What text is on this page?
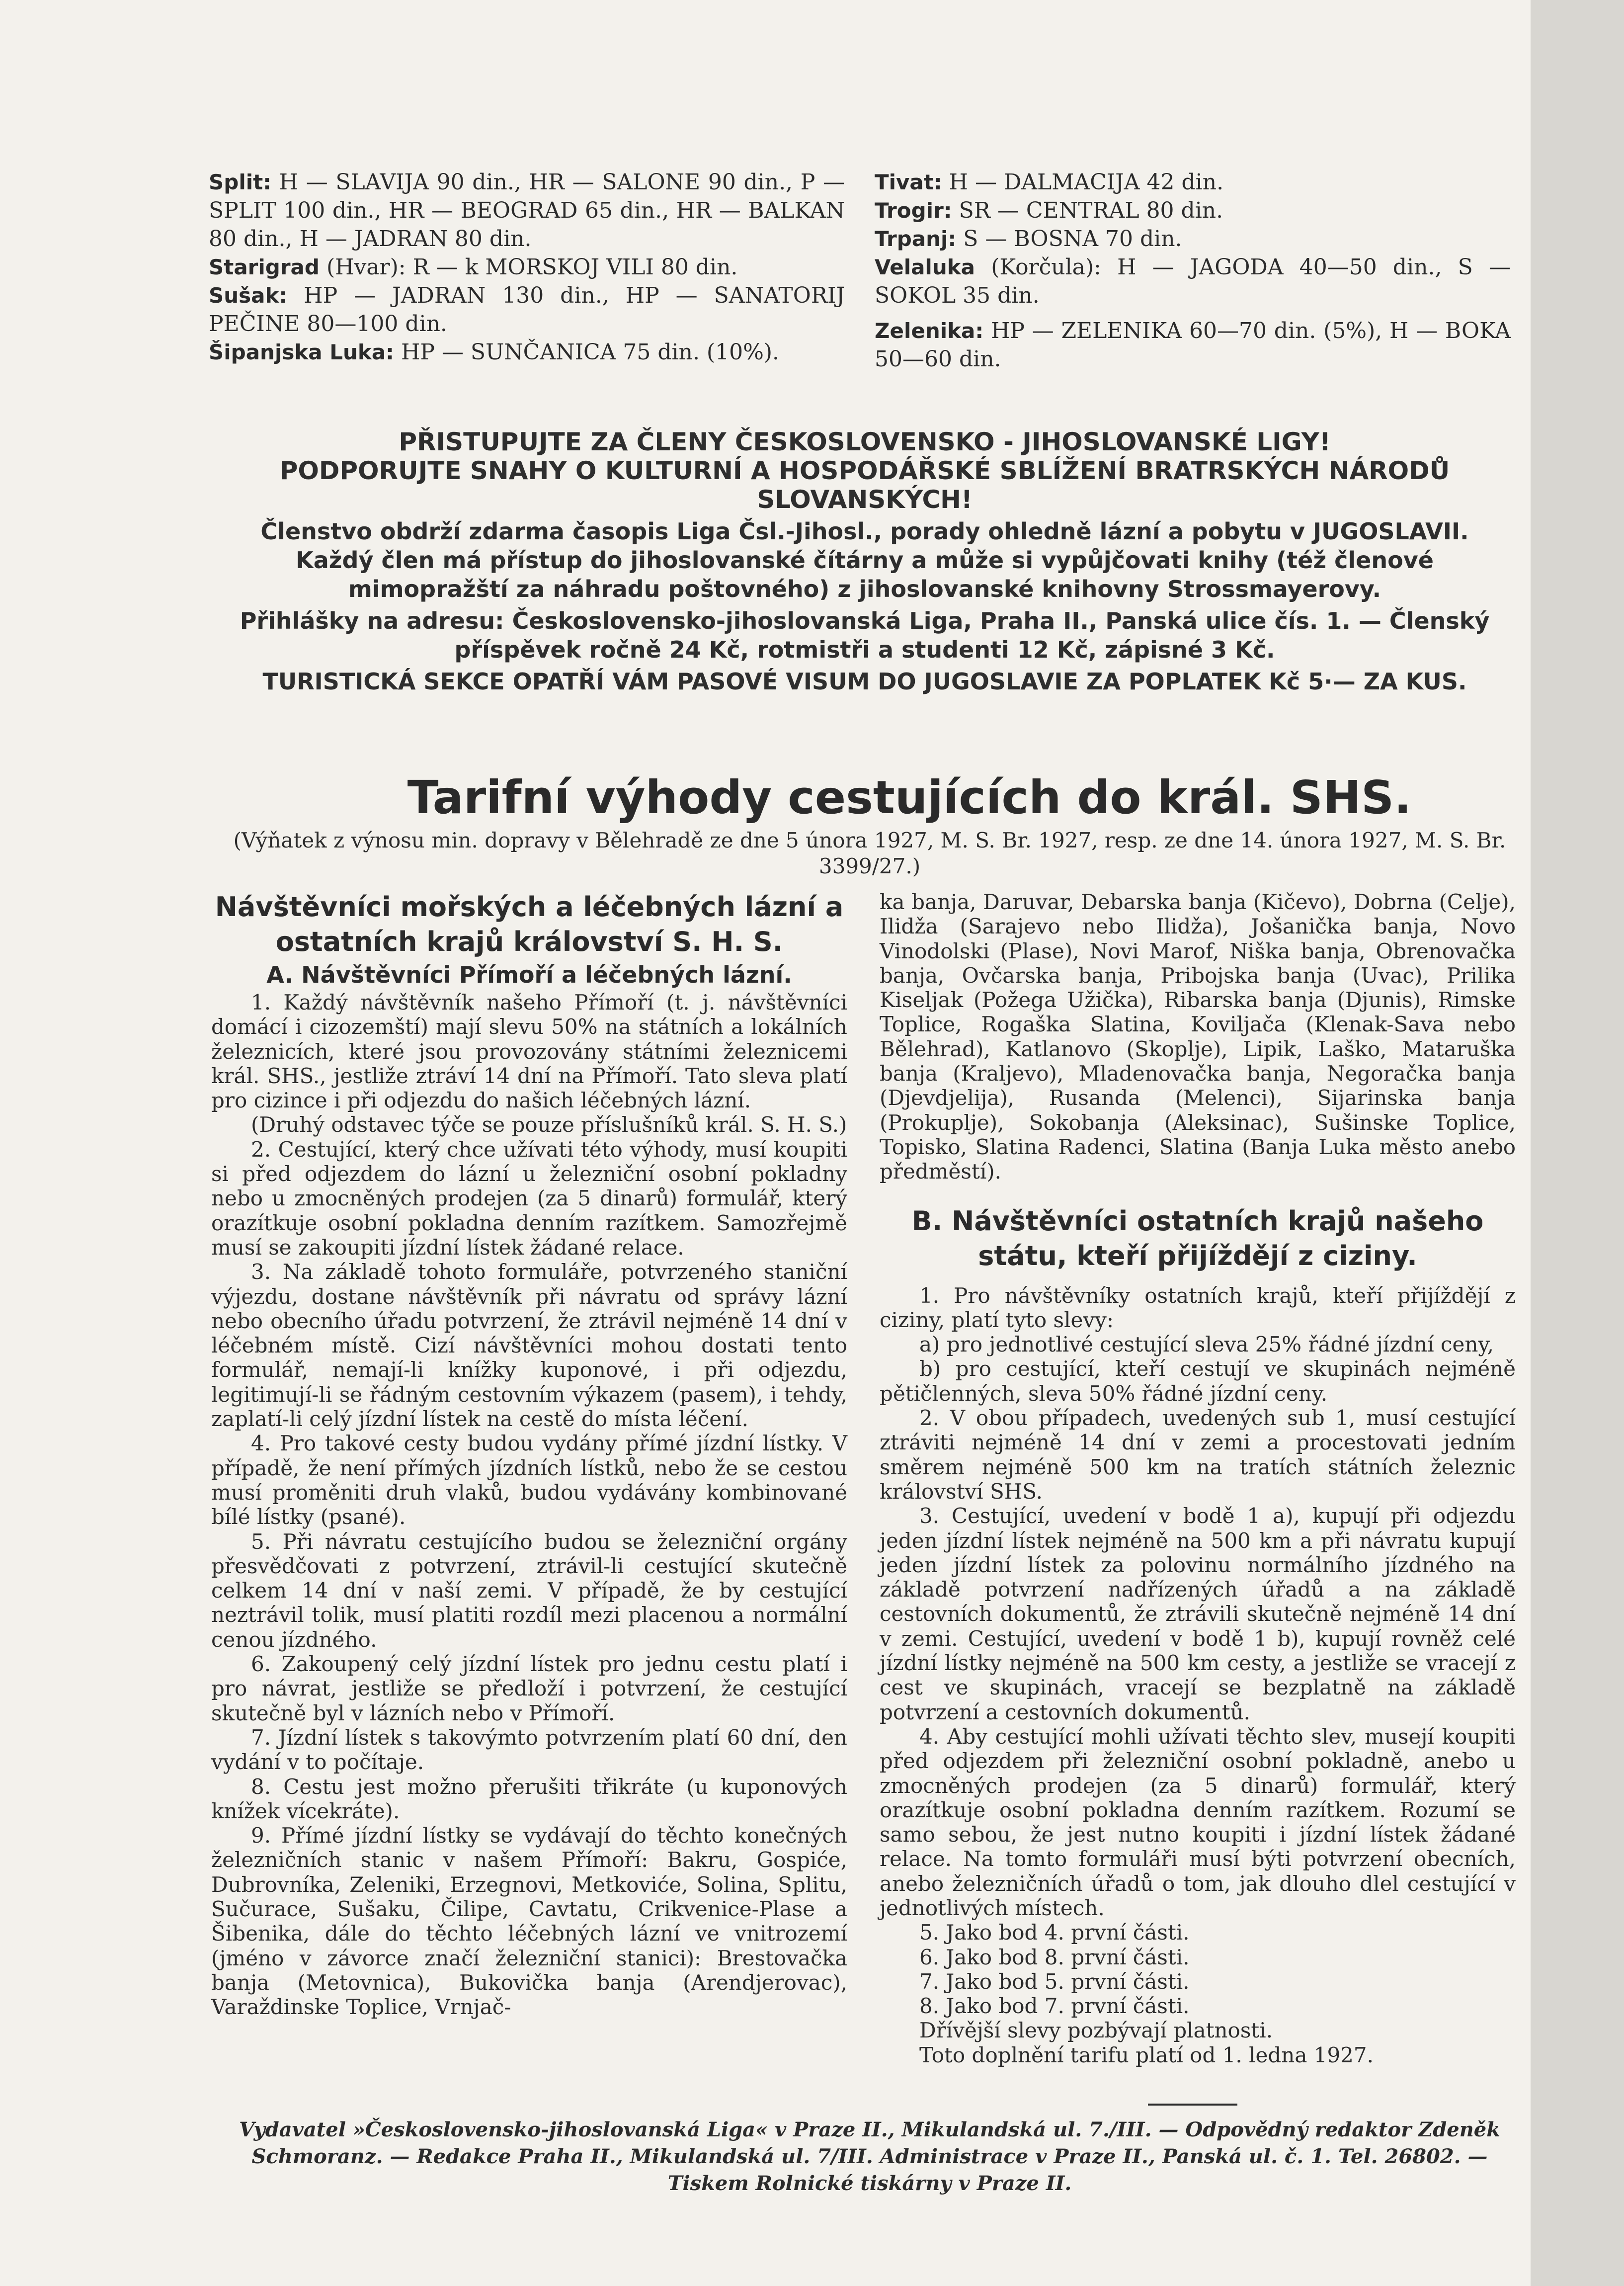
Split: H — SLAVIJA 90 din., HR — SALONE 90 din., P — SPLIT 100 din., HR — BEOGRAD 65 din., HR — BALKAN 80 din., H — JADRAN 80 din.

Starigrad (Hvar): R — k MORSKOJ VILI 80 din.

Sušak: HP — JADRAN 130 din., HP — SANATORIJ PEČINE 80—100 din.

Šipanjska Luka: HP — SUNČANICA 75 din. (10%).

Tivat: H — DALMACIJA 42 din.

Trogir: SR — CENTRAL 80 din.

Trpanj: S — BOSNA 70 din.

Velaluka (Korčula): H — JAGODA 40—50 din., S — SOKOL 35 din.

Zelenika: HP — ZELENIKA 60—70 din. (5%), H — BOKA 50—60 din.

PŘISTUPUJTE ZA ČLENY ČESKOSLOVENSKO - JIHOSLOVANSKÉ LIGY!

PODPORUJTE SNAHY O KULTURNÍ A HOSPODÁŘSKÉ SBLÍŽENÍ BRATRSKÝCH NÁRODŮ SLOVANSKÝCH!

Členstvo obdrží zdarma časopis Liga Čsl.-Jihosl., porady ohledně lázní a pobytu v JUGOSLAVII. Každý člen má přístup do jihoslovanské čítárny a může si vypůjčovati knihy (též členové mimopražští za náhradu poštovného) z jihoslovanské knihovny Strossmayerovy.

Přihlášky na adresu: Československo-jihoslovanská Liga, Praha II., Panská ulice čís. 1. — Členský příspěvek ročně 24 Kč, rotmistři a studenti 12 Kč, zápisné 3 Kč.

TURISTICKÁ SEKCE OPATŘÍ VÁM PASOVÉ VISUM DO JUGOSLAVIE ZA POPLATEK Kč 5·— ZA KUS.

Tarifní výhody cestujících do král. SHS.

(Výňatek z výnosu min. dopravy v Bělehradě ze dne 5 února 1927, M. S. Br. 1927, resp. ze dne 14. února 1927, M. S. Br. 3399/27.)

Návštěvníci mořských a léčebných lázní a ostatních krajů království S. H. S.

A. Návštěvníci Přímoří a léčebných lázní.

1. Každý návštěvník našeho Přímoří (t. j. návštěvníci domácí i cizozemští) mají slevu 50% na státních a lokálních železnicích, které jsou provozovány státními železnicemi král. SHS., jestliže ztráví 14 dní na Přímoří. Tato sleva platí pro cizince i při odjezdu do našich léčebných lázní.

(Druhý odstavec týče se pouze příslušníků král. S. H. S.)

2. Cestující, který chce užívati této výhody, musí koupiti si před odjezdem do lázní u železniční osobní pokladny nebo u zmocněných prodejen (za 5 dinarů) formulář, který orazítkuje osobní pokladna denním razítkem. Samozřejmě musí se zakoupiti jízdní lístek žádané relace.

3. Na základě tohoto formuláře, potvrzeného staniční výjezdu, dostane návštěvník při návratu od správy lázní nebo obecního úřadu potvrzení, že ztrávil nejméně 14 dní v léčebném místě. Cizí návštěvníci mohou dostati tento formulář, nemají-li knížky kuponové, i při odjezdu, legitimují-li se řádným cestovním výkazem (pasem), i tehdy, zaplatí-li celý jízdní lístek na cestě do místa léčení.

4. Pro takové cesty budou vydány přímé jízdní lístky. V případě, že není přímých jízdních lístků, nebo že se cestou musí proměniti druh vlaků, budou vydávány kombinované bílé lístky (psané).

5. Při návratu cestujícího budou se železniční orgány přesvědčovati z potvrzení, ztrávil-li cestující skutečně celkem 14 dní v naší zemi. V případě, že by cestující neztrávil tolik, musí platiti rozdíl mezi placenou a normální cenou jízdného.

6. Zakoupený celý jízdní lístek pro jednu cestu platí i pro návrat, jestliže se předloží i potvrzení, že cestující skutečně byl v lázních nebo v Přímoří.

7. Jízdní lístek s takovýmto potvrzením platí 60 dní, den vydání v to počítaje.

8. Cestu jest možno přerušiti třikráte (u kuponových knížek vícekráte).

9. Přímé jízdní lístky se vydávají do těchto konečných železničních stanic v našem Přímoří: Bakru, Gospiće, Dubrovníka, Zeleniki, Erzegnovi, Metkoviće, Solina, Splitu, Sučurace, Sušaku, Čilipe, Cavtatu, Crikvenice-Plase a Šibenika, dále do těchto léčebných lázní ve vnitrozemí (jméno v závorce značí železniční stanici): Brestovačka banja (Metovnica), Bukovička banja (Arendjerovac), Varaždinske Toplice, Vrnjač-

ka banja, Daruvar, Debarska banja (Kičevo), Dobrna (Celje), Ilidža (Sarajevo nebo Ilidža), Jošanička banja, Novo Vinodolski (Plase), Novi Marof, Niška banja, Obrenovačka banja, Ovčarska banja, Pribojska banja (Uvac), Prilika Kiseljak (Požega Užička), Ribarska banja (Djunis), Rimske Toplice, Rogaška Slatina, Koviljača (Klenak-Sava nebo Bělehrad), Katlanovo (Skoplje), Lipik, Laško, Mataruška banja (Kraljevo), Mladenovačka banja, Negoračka banja (Djevdjelija), Rusanda (Melenci), Sijarinska banja (Prokuplje), Sokobanja (Aleksinac), Sušinske Toplice, Topisko, Slatina Radenci, Slatina (Banja Luka město anebo předměstí).

B. Návštěvníci ostatních krajů našeho státu, kteří přijíždějí z ciziny.

1. Pro návštěvníky ostatních krajů, kteří přijíždějí z ciziny, platí tyto slevy:

a) pro jednotlivé cestující sleva 25% řádné jízdní ceny,

b) pro cestující, kteří cestují ve skupinách nejméně pětičlenných, sleva 50% řádné jízdní ceny.

2. V obou případech, uvedených sub 1, musí cestující ztráviti nejméně 14 dní v zemi a procestovati jedním směrem nejméně 500 km na tratích státních železnic království SHS.

3. Cestující, uvedení v bodě 1 a), kupují při odjezdu jeden jízdní lístek nejméně na 500 km a při návratu kupují jeden jízdní lístek za polovinu normálního jízdného na základě potvrzení nadřízených úřadů a na základě cestovních dokumentů, že ztrávili skutečně nejméně 14 dní v zemi. Cestující, uvedení v bodě 1 b), kupují rovněž celé jízdní lístky nejméně na 500 km cesty, a jestliže se vracejí z cest ve skupinách, vracejí se bezplatně na základě potvrzení a cestovních dokumentů.

4. Aby cestující mohli užívati těchto slev, musejí koupiti před odjezdem při železniční osobní pokladně, anebo u zmocněných prodejen (za 5 dinarů) formulář, který orazítkuje osobní pokladna denním razítkem. Rozumí se samo sebou, že jest nutno koupiti i jízdní lístek žádané relace. Na tomto formuláři musí býti potvrzení obecních, anebo železničních úřadů o tom, jak dlouho dlel cestující v jednotlivých místech.

5. Jako bod 4. první části.

6. Jako bod 8. první části.

7. Jako bod 5. první části.

8. Jako bod 7. první části.

Dřívější slevy pozbývají platnosti.

Toto doplnění tarifu platí od 1. ledna 1927.

Vydavatel »Československo-jihoslovanská Liga« v Praze II., Mikulandská ul. 7./III. — Odpovědný redaktor Zdeněk Schmoranz. — Redakce Praha II., Mikulandská ul. 7/III. Administrace v Praze II., Panská ul. č. 1. Tel. 26802. — Tiskem Rolnické tiskárny v Praze II.
